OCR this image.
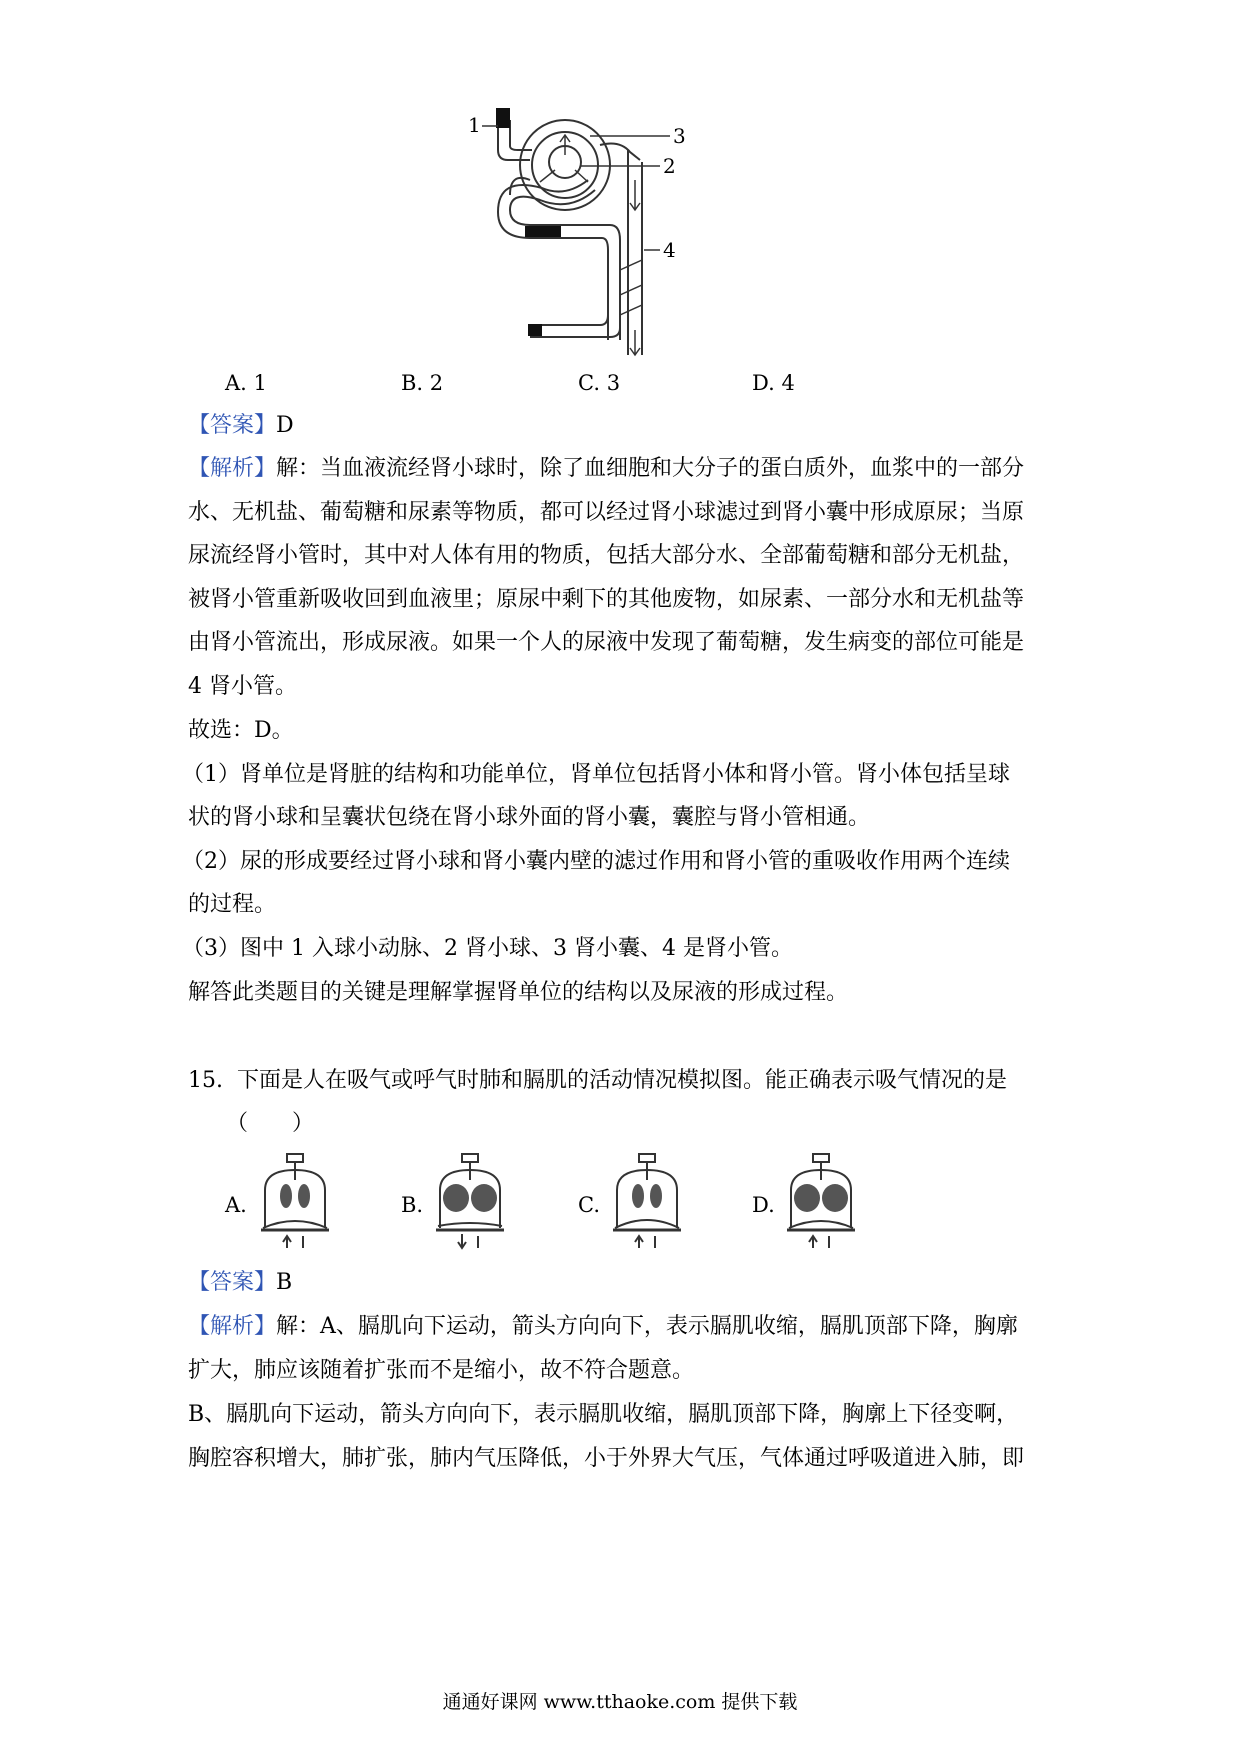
1	3
2
4
A. 1	B. 2	C. 3	D. 4
【答案】D
【解析】解：当血液流经肾小球时，除了血细胞和大分子的蛋白质外，血浆中的一部分
水、无机盐、葡萄糖和尿素等物质，都可以经过肾小球滤过到肾小囊中形成原尿；当原
尿流经肾小管时，其中对人体有用的物质，包括大部分水、全部葡萄糖和部分无机盐，
被肾小管重新吸收回到血液里；原尿中剩下的其他废物，如尿素、一部分水和无机盐等
由肾小管流出，形成尿液。如果一个人的尿液中发现了葡萄糖，发生病变的部位可能是
4 肾小管。
故选：D。
（1）肾单位是肾脏的结构和功能单位，肾单位包括肾小体和肾小管。肾小体包括呈球
状的肾小球和呈囊状包绕在肾小球外面的肾小囊，囊腔与肾小管相通。
（2）尿的形成要经过肾小球和肾小囊内壁的滤过作用和肾小管的重吸收作用两个连续
的过程。
（3）图中 1 入球小动脉、2 肾小球、3 肾小囊、4 是肾小管。
解答此类题目的关键是理解掌握肾单位的结构以及尿液的形成过程。
15. 下面是人在吸气或呼气时肺和膈肌的活动情况模拟图。能正确表示吸气情况的是
（　　）
A.	B.	C.	D.
【答案】B
【解析】解：A、膈肌向下运动，箭头方向向下，表示膈肌收缩，膈肌顶部下降，胸廓
扩大，肺应该随着扩张而不是缩小，故不符合题意。
B、膈肌向下运动，箭头方向向下，表示膈肌收缩，膈肌顶部下降，胸廓上下径变啊，
胸腔容积增大，肺扩张，肺内气压降低，小于外界大气压，气体通过呼吸道进入肺，即
通通好课网 www.tthaoke.com 提供下载
